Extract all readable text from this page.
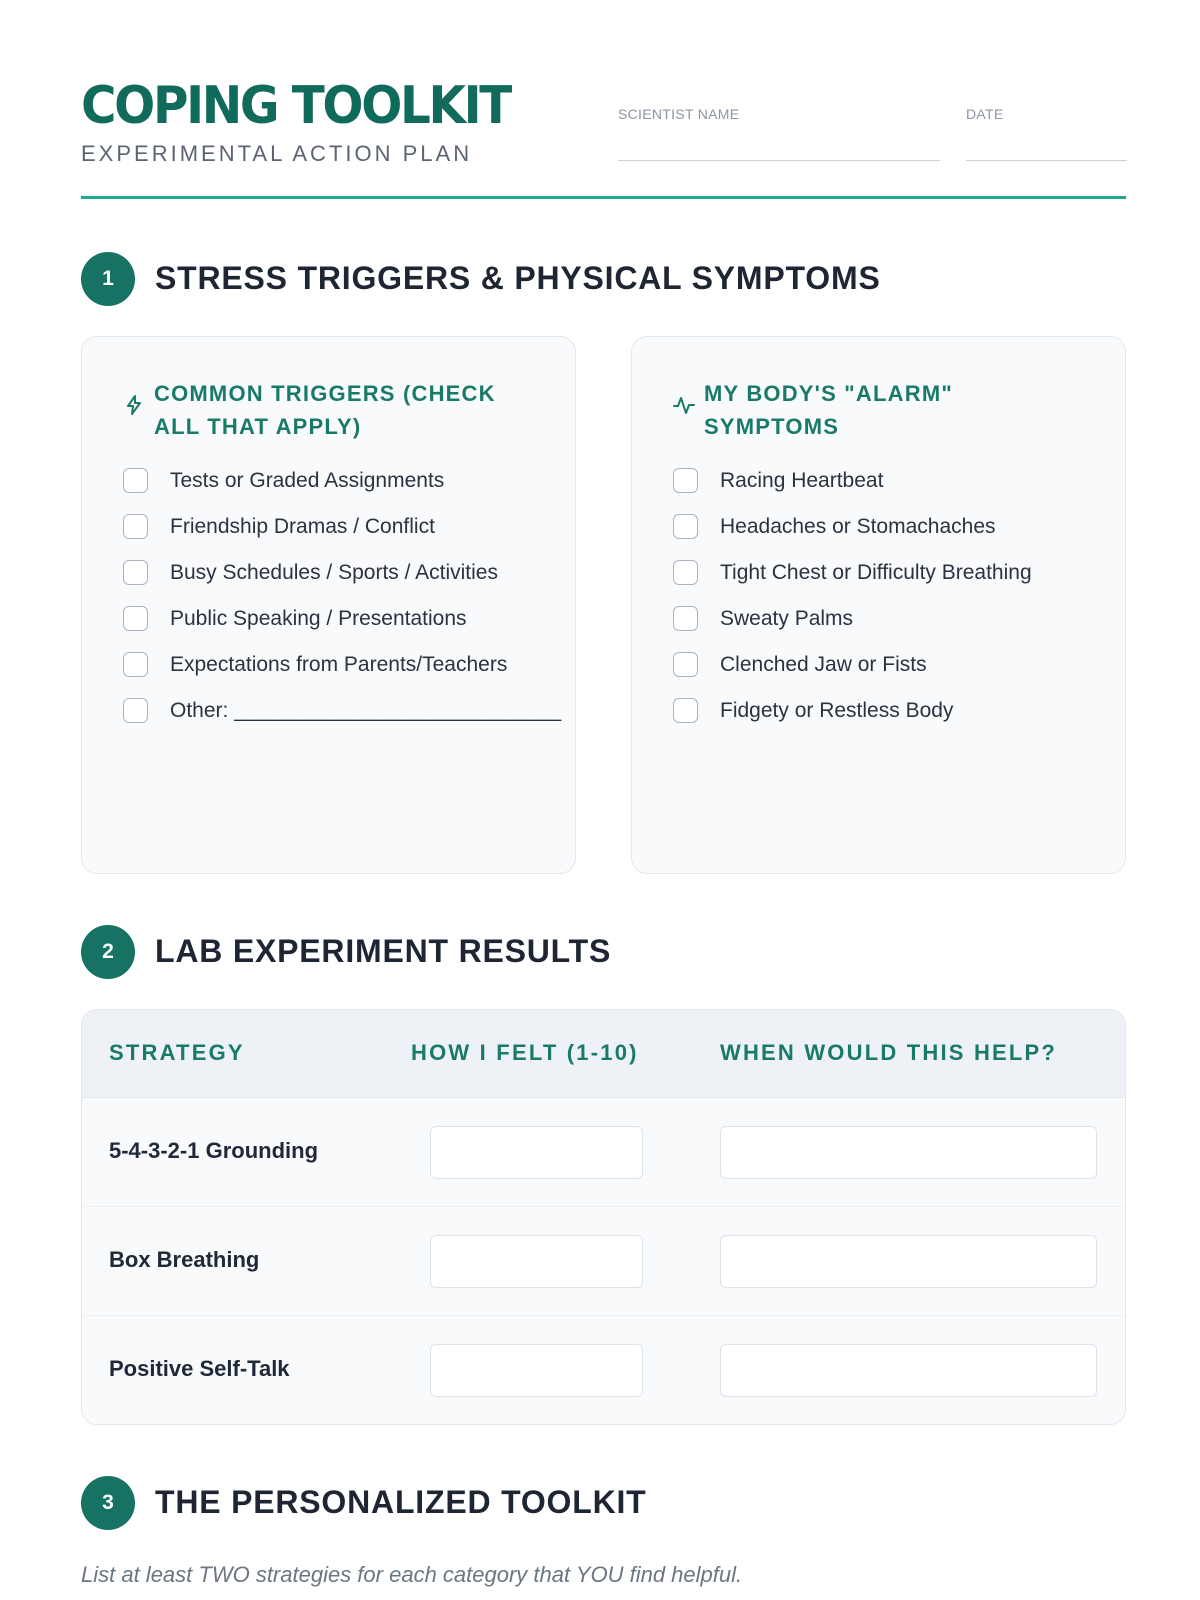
COPING TOOLKIT
EXPERIMENTAL ACTION PLAN
SCIENTIST NAME	DATE
1	STRESS TRIGGERS & PHYSICAL SYMPTOMS
COMMON TRIGGERS (CHECK ALL THAT APPLY)
Tests or Graded Assignments
Friendship Dramas / Conflict
Busy Schedules / Sports / Activities
Public Speaking / Presentations
Expectations from Parents/Teachers
Other: ____________________________
MY BODY'S "ALARM" SYMPTOMS
Racing Heartbeat
Headaches or Stomachaches
Tight Chest or Difficulty Breathing
Sweaty Palms
Clenched Jaw or Fists
Fidgety or Restless Body
2	LAB EXPERIMENT RESULTS
STRATEGY	HOW I FELT (1-10)	WHEN WOULD THIS HELP?
5-4-3-2-1 Grounding
Box Breathing
Positive Self-Talk
3	THE PERSONALIZED TOOLKIT
List at least TWO strategies for each category that YOU find helpful.
